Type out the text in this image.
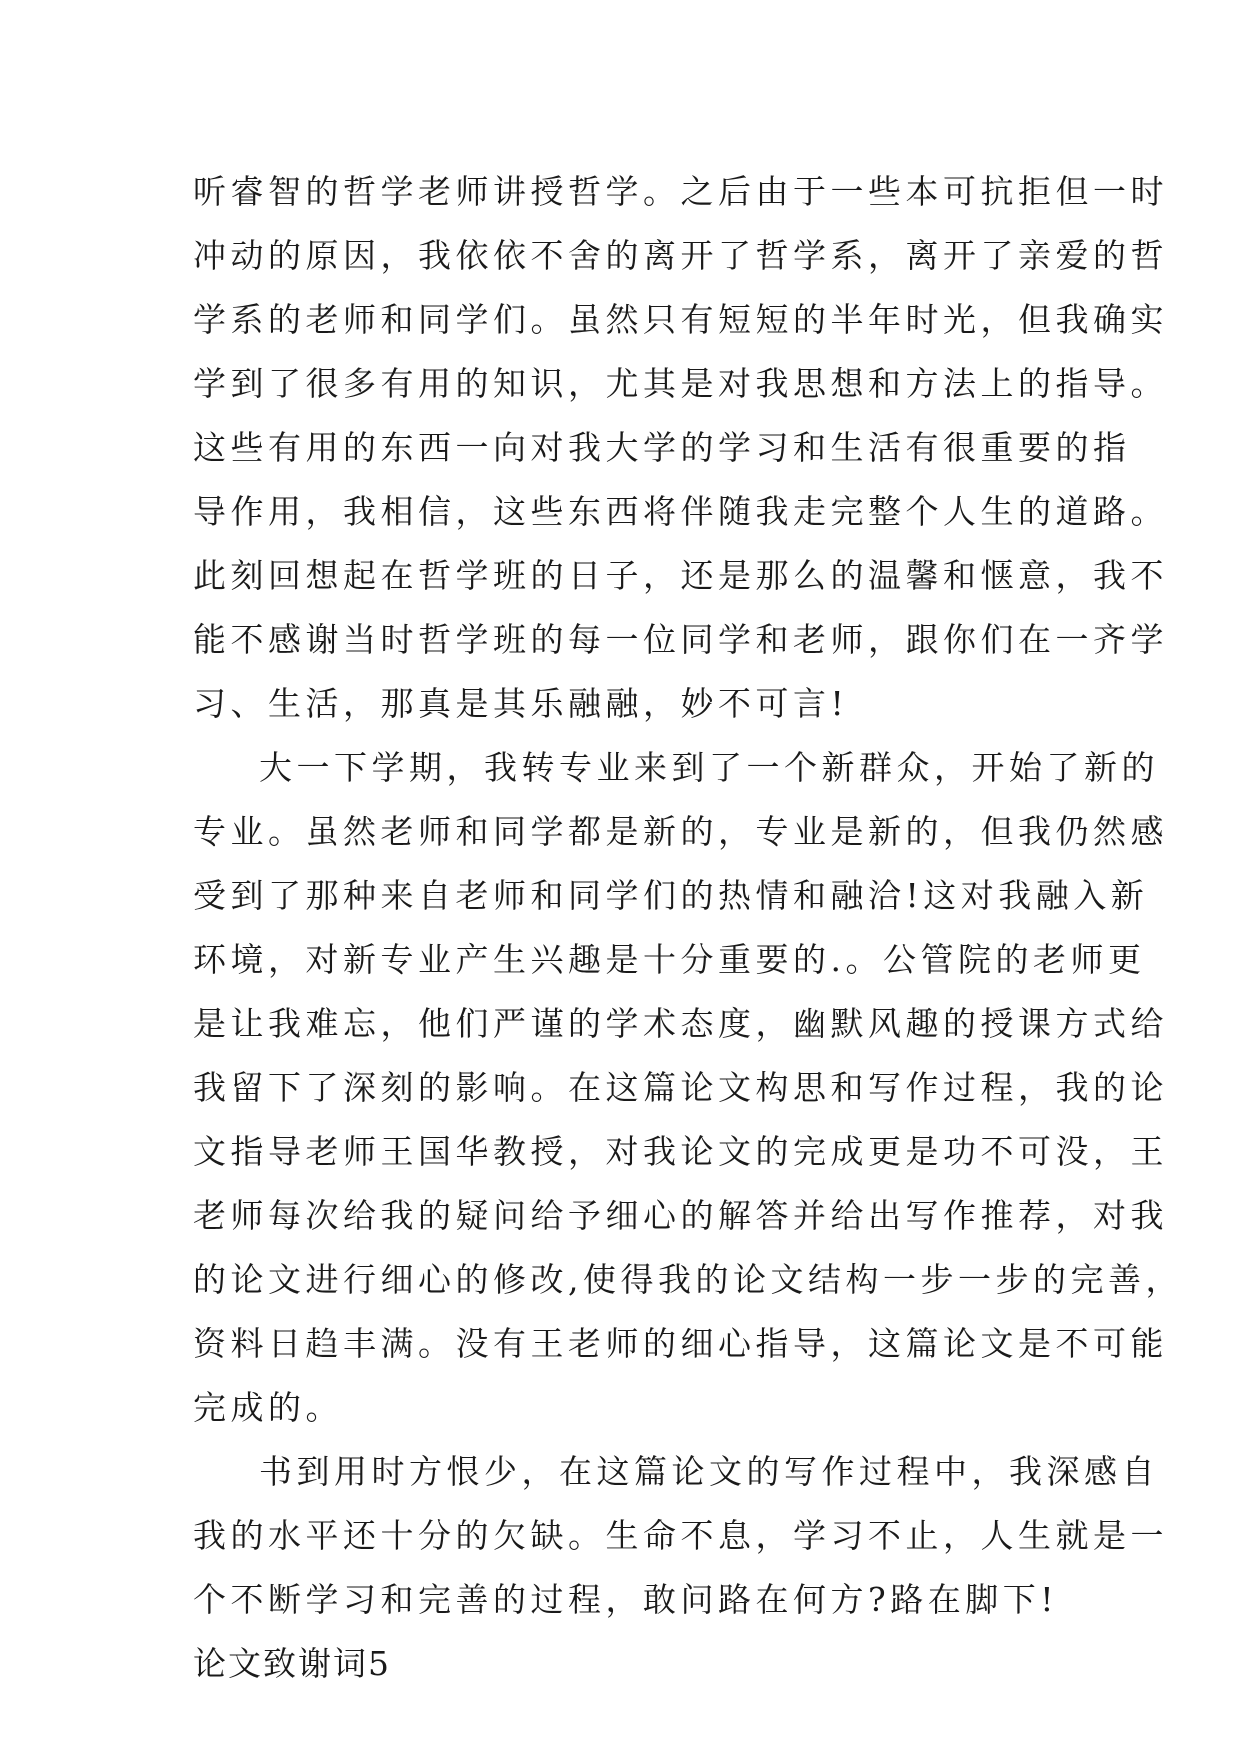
听睿智的哲学老师讲授哲学。之后由于一些本可抗拒但一时
冲动的原因，我依依不舍的离开了哲学系，离开了亲爱的哲
学系的老师和同学们。虽然只有短短的半年时光，但我确实
学到了很多有用的知识，尤其是对我思想和方法上的指导。
这些有用的东西一向对我大学的学习和生活有很重要的指
导作用，我相信，这些东西将伴随我走完整个人生的道路。
此刻回想起在哲学班的日子，还是那么的温馨和惬意，我不
能不感谢当时哲学班的每一位同学和老师，跟你们在一齐学
习、生活，那真是其乐融融，妙不可言!
大一下学期，我转专业来到了一个新群众，开始了新的
专业。虽然老师和同学都是新的，专业是新的，但我仍然感
受到了那种来自老师和同学们的热情和融洽!这对我融入新
环境，对新专业产生兴趣是十分重要的.。公管院的老师更
是让我难忘，他们严谨的学术态度，幽默风趣的授课方式给
我留下了深刻的影响。在这篇论文构思和写作过程，我的论
文指导老师王国华教授，对我论文的完成更是功不可没，王
老师每次给我的疑问给予细心的解答并给出写作推荐，对我
的论文进行细心的修改,使得我的论文结构一步一步的完善，
资料日趋丰满。没有王老师的细心指导，这篇论文是不可能
完成的。
书到用时方恨少，在这篇论文的写作过程中，我深感自
我的水平还十分的欠缺。生命不息，学习不止，人生就是一
个不断学习和完善的过程，敢问路在何方?路在脚下!
论文致谢词5
